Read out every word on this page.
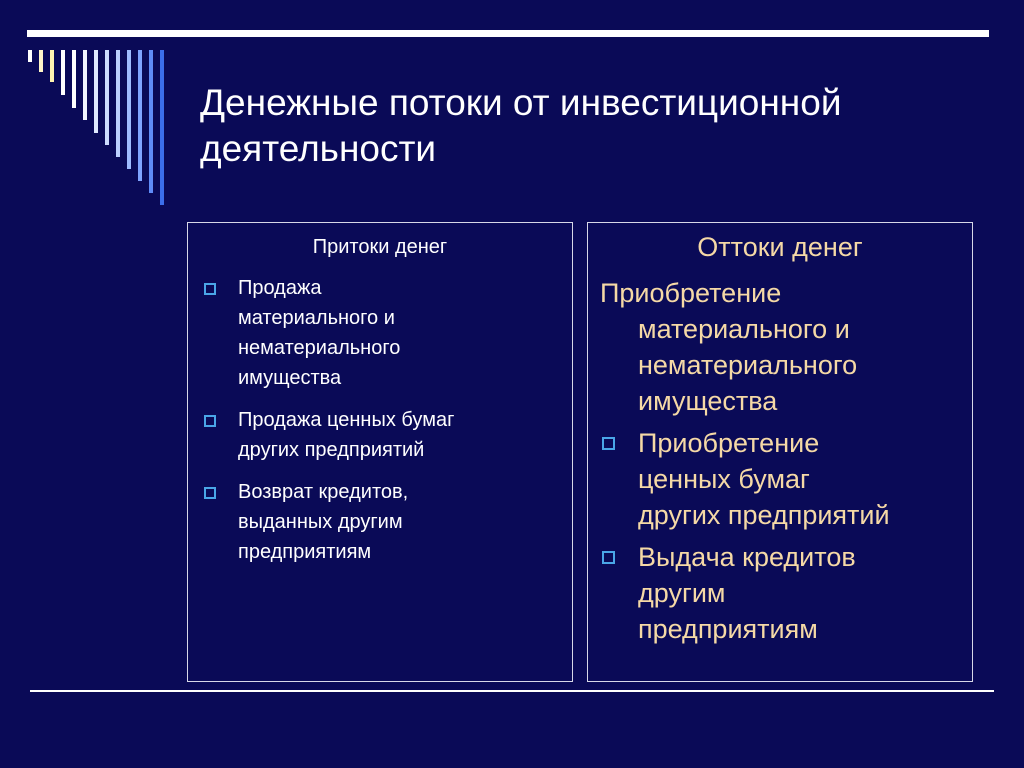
Денежные потоки от инвестиционной
деятельности
Притоки денег
Продажа
материального и
нематериального
имущества
Продажа ценных бумаг
других предприятий
Возврат кредитов,
выданных другим
предприятиям
Оттоки денег
Приобретение
материального и
нематериального
имущества
Приобретение
ценных бумаг
других предприятий
Выдача кредитов
другим
предприятиям
